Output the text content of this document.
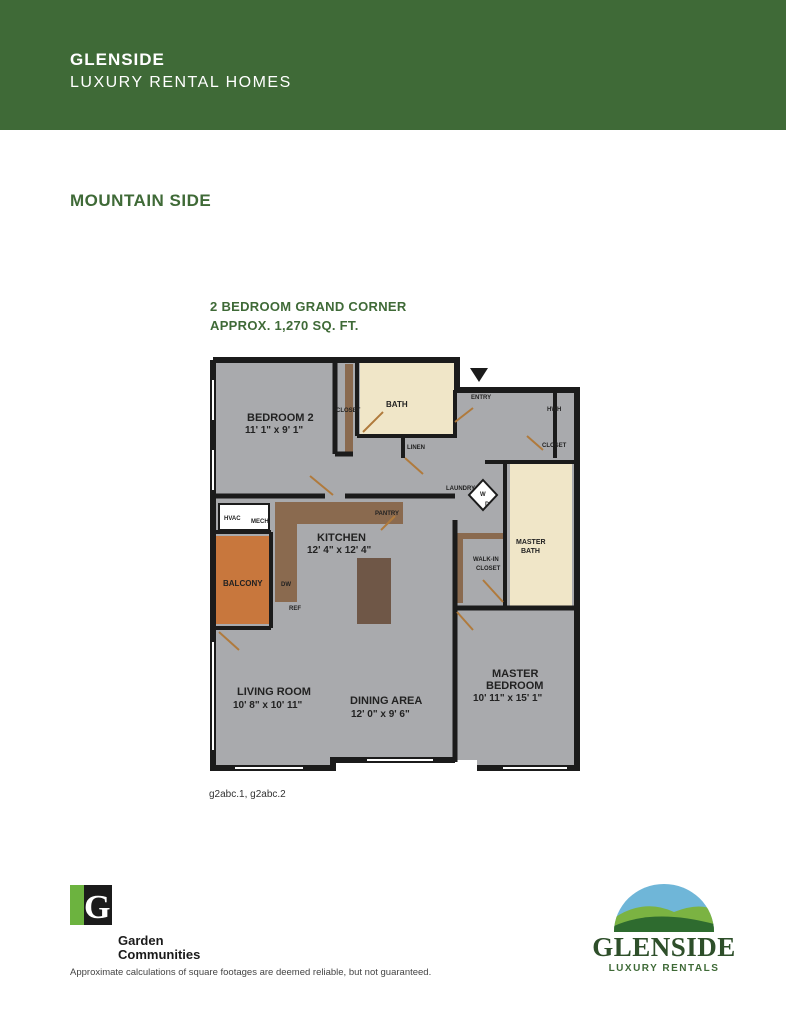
GLENSIDE
LUXURY RENTAL HOMES
MOUNTAIN SIDE
2 BEDROOM GRAND CORNER
APPROX. 1,270 SQ. FT.
BEDROOM 2
11' 1" x 9' 1"
CLOSET
BATH
ENTRY
HWH
CLOSET
LINEN
LAUNDRY
W
D
HVAC MECH
PANTRY
KITCHEN
12' 4" x 12' 4"
BALCONY	DW
REF
WALK-IN
CLOSET
MASTER
BATH
MASTER
BEDROOM
10' 11" x 15' 1"
LIVING ROOM
10' 8" x 10' 11"	DINING AREA
12' 0" x 9' 6"
g2abc.1, g2abc.2
G
Garden
Communities
Approximate calculations of square footages are deemed reliable, but not guaranteed.
GLENSIDE
LUXURY RENTALS
